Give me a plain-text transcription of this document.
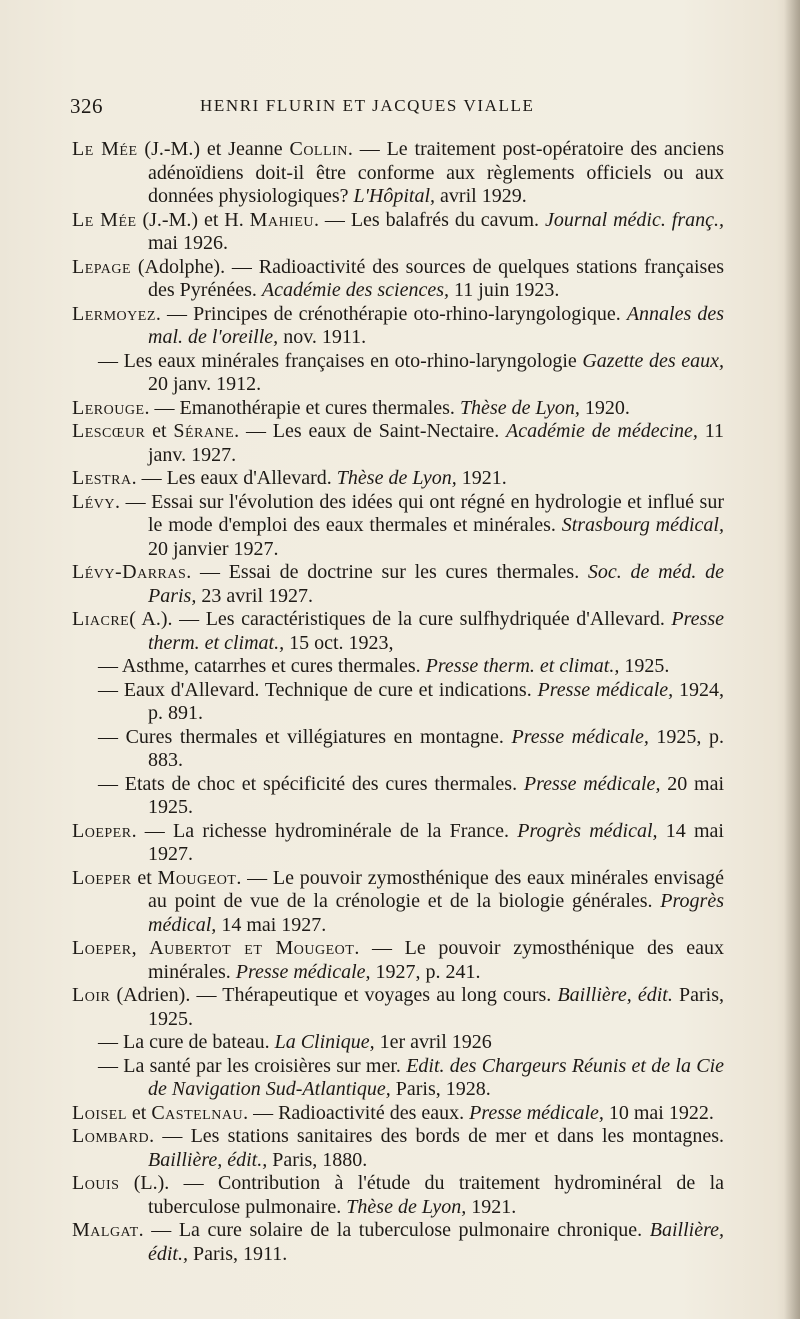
326	HENRI FLURIN ET JACQUES VIALLE

Le Mée (J.-M.) et Jeanne Collin. — Le traitement post-opératoire des anciens adénoïdiens doit-il être conforme aux règlements officiels ou aux données physiologiques? L'Hôpital, avril 1929.

Le Mée (J.-M.) et H. Mahieu. — Les balafrés du cavum. Journal médic. franç., mai 1926.

Lepage (Adolphe). — Radioactivité des sources de quelques stations françaises des Pyrénées. Académie des sciences, 11 juin 1923.

Lermoyez. — Principes de crénothérapie oto-rhino-laryngologique. Annales des mal. de l'oreille, nov. 1911.

— Les eaux minérales françaises en oto-rhino-laryngologie Gazette des eaux, 20 janv. 1912.

Lerouge. — Emanothérapie et cures thermales. Thèse de Lyon, 1920.

Lescœur et Sérane. — Les eaux de Saint-Nectaire. Académie de médecine, 11 janv. 1927.

Lestra. — Les eaux d'Allevard. Thèse de Lyon, 1921.

Lévy. — Essai sur l'évolution des idées qui ont régné en hydrologie et influé sur le mode d'emploi des eaux thermales et minérales. Strasbourg médical, 20 janvier 1927.

Lévy-Darras. — Essai de doctrine sur les cures thermales. Soc. de méd. de Paris, 23 avril 1927.

Liacre( A.). — Les caractéristiques de la cure sulfhydriquée d'Allevard. Presse therm. et climat., 15 oct. 1923,

— Asthme, catarrhes et cures thermales. Presse therm. et climat., 1925.

— Eaux d'Allevard. Technique de cure et indications. Presse médicale, 1924, p. 891.

— Cures thermales et villégiatures en montagne. Presse médicale, 1925, p. 883.

— Etats de choc et spécificité des cures thermales. Presse médicale, 20 mai 1925.

Loeper. — La richesse hydrominérale de la France. Progrès médical, 14 mai 1927.

Loeper et Mougeot. — Le pouvoir zymosthénique des eaux minérales envisagé au point de vue de la crénologie et de la biologie générales. Progrès médical, 14 mai 1927.

Loeper, Aubertot et Mougeot. — Le pouvoir zymosthénique des eaux minérales. Presse médicale, 1927, p. 241.

Loir (Adrien). — Thérapeutique et voyages au long cours. Baillière, édit. Paris, 1925.

— La cure de bateau. La Clinique, 1er avril 1926

— La santé par les croisières sur mer. Edit. des Chargeurs Réunis et de la Cie de Navigation Sud-Atlantique, Paris, 1928.

Loisel et Castelnau. — Radioactivité des eaux. Presse médicale, 10 mai 1922.

Lombard. — Les stations sanitaires des bords de mer et dans les montagnes. Baillière, édit., Paris, 1880.

Louis (L.). — Contribution à l'étude du traitement hydrominéral de la tuberculose pulmonaire. Thèse de Lyon, 1921.

Malgat. — La cure solaire de la tuberculose pulmonaire chronique. Baillière, édit., Paris, 1911.
